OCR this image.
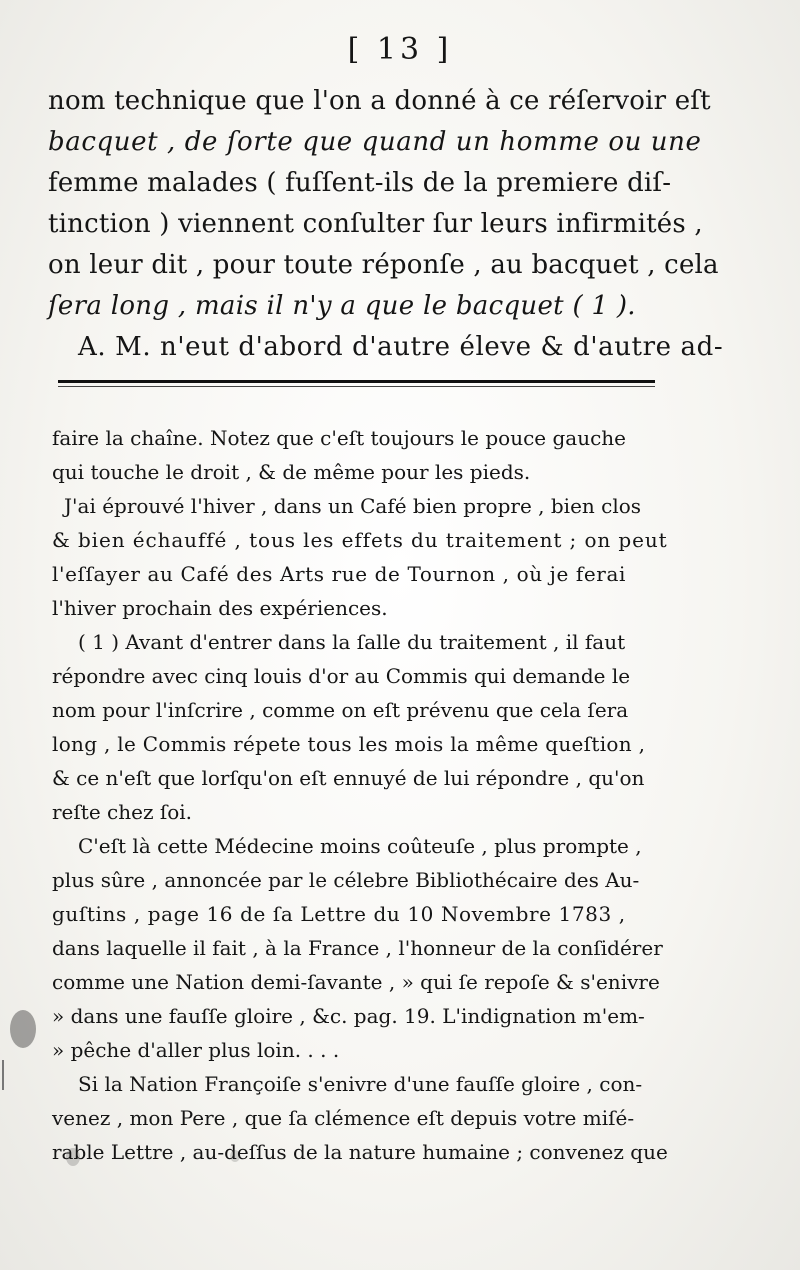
[ 13 ]
nom technique que l'on a donné à ce réſervoir eſt
bacquet , de ſorte que quand un homme ou une
femme malades ( fuſſent-ils de la premiere diſ-
tinction ) viennent conſulter ſur leurs infirmités ,
on leur dit , pour toute réponſe , au bacquet , cela
ſera long , mais il n'y a que le bacquet ( 1 ).
A. M. n'eut d'abord d'autre éleve & d'autre ad-
faire la chaîne. Notez que c'eſt toujours le pouce gauche
qui touche le droit , & de même pour les pieds.
J'ai éprouvé l'hiver , dans un Café bien propre , bien clos
& bien échauffé , tous les effets du traitement ; on peut
l'eſſayer au Café des Arts rue de Tournon , où je ferai
l'hiver prochain des expériences.
( 1 ) Avant d'entrer dans la ſalle du traitement , il faut
répondre avec cinq louis d'or au Commis qui demande le
nom pour l'inſcrire , comme on eſt prévenu que cela ſera
long , le Commis répete tous les mois la même queſtion ,
& ce n'eſt que lorſqu'on eſt ennuyé de lui répondre , qu'on
reſte chez ſoi.
C'eſt là cette Médecine moins coûteuſe , plus prompte ,
plus sûre , annoncée par le célebre Bibliothécaire des Au-
guſtins , page 16 de ſa Lettre du 10 Novembre 1783 ,
dans laquelle il fait , à la France , l'honneur de la conſidérer
comme une Nation demi-ſavante , » qui ſe repoſe & s'enivre
» dans une fauſſe gloire , &c. pag. 19. L'indignation m'em-
» pêche d'aller plus loin. . . .
Si la Nation Françoiſe s'enivre d'une fauſſe gloire , con-
venez , mon Pere , que ſa clémence eſt depuis votre miſé-
rable Lettre , au-deſſus de la nature humaine ; convenez que
